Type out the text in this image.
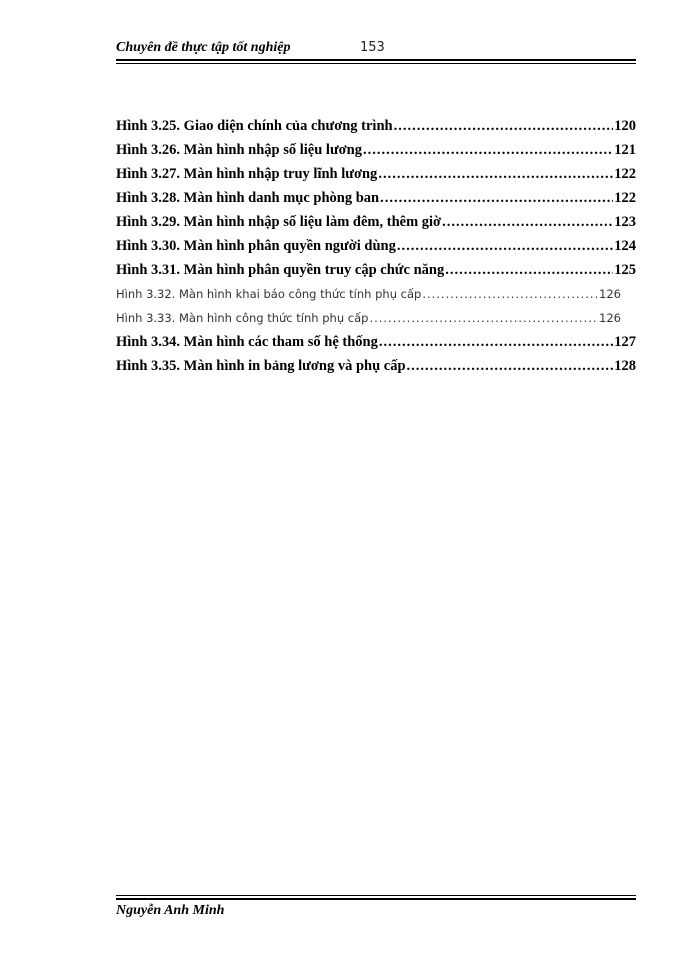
Chuyên đề thực tập tốt nghiệp	153
Hình 3.25. Giao diện chính của chương trình .....	120
Hình 3.26. Màn hình nhập số liệu lương .....	121
Hình 3.27. Màn hình nhập truy lĩnh lương .....	122
Hình 3.28. Màn hình danh mục phòng ban .....	122
Hình 3.29. Màn hình nhập số liệu làm đêm, thêm giờ .....	123
Hình 3.30. Màn hình phân quyền người dùng .....	124
Hình 3.31. Màn hình phân quyền truy cập chức năng .....	125
Hình 3.32. Màn hình khai báo công thức tính phụ cấp .....	126
Hình 3.33. Màn hình công thức tính phụ cấp .....	126
Hình 3.34. Màn hình các tham số hệ thống .....	127
Hình 3.35. Màn hình in bảng lương và phụ cấp .....	128
Nguyễn Anh Minh
